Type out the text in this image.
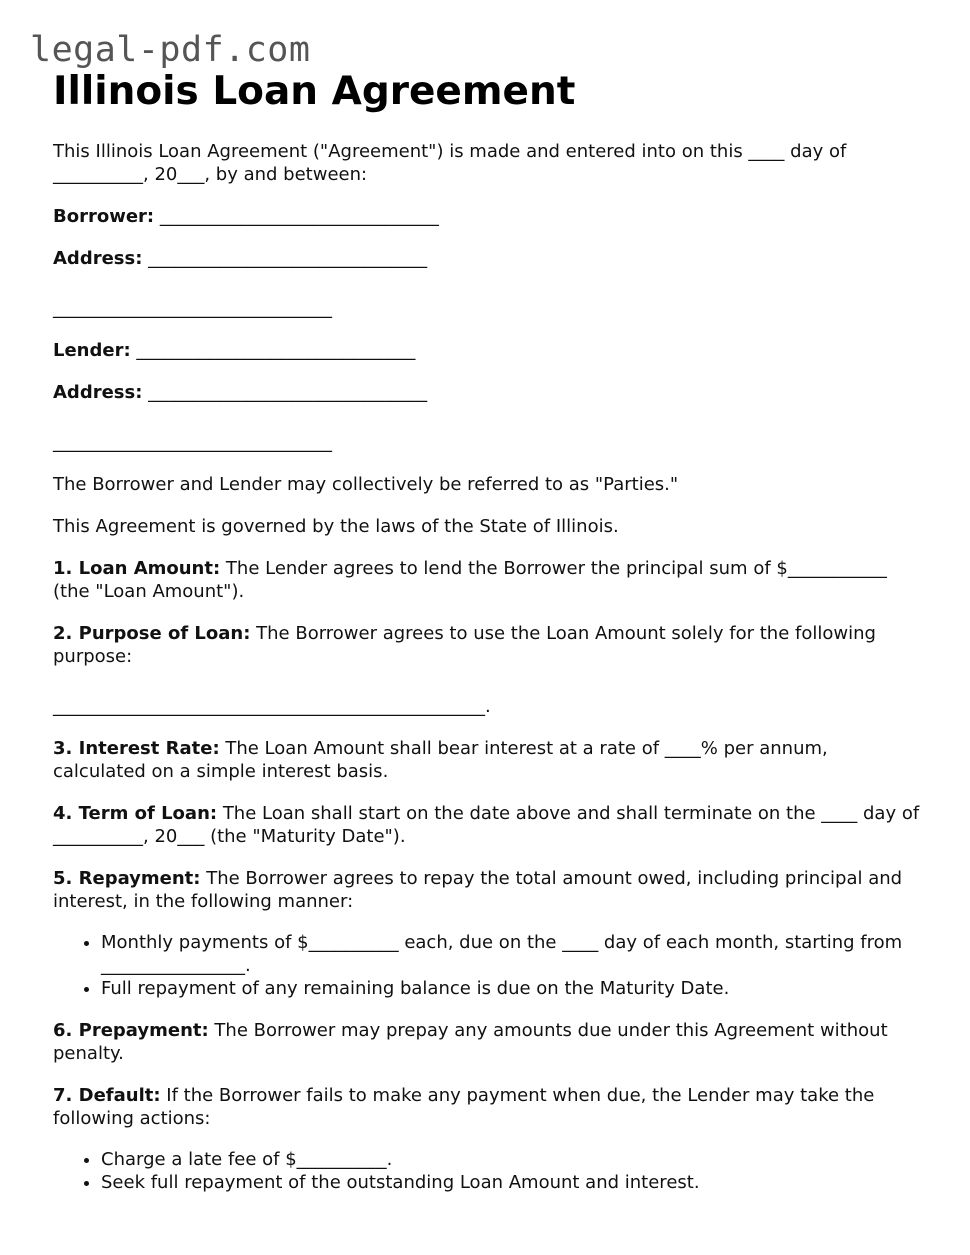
legal-pdf.com
Illinois Loan Agreement

This Illinois Loan Agreement ("Agreement") is made and entered into on this ____ day of __________, 20___, by and between:

Borrower: _______________________________

Address: _______________________________

_______________________________

Lender: _______________________________

Address: _______________________________

_______________________________

The Borrower and Lender may collectively be referred to as "Parties."

This Agreement is governed by the laws of the State of Illinois.

1. Loan Amount: The Lender agrees to lend the Borrower the principal sum of $___________ (the "Loan Amount").

2. Purpose of Loan: The Borrower agrees to use the Loan Amount solely for the following purpose:

________________________________________________.

3. Interest Rate: The Loan Amount shall bear interest at a rate of ____% per annum, calculated on a simple interest basis.

4. Term of Loan: The Loan shall start on the date above and shall terminate on the ____ day of __________, 20___ (the "Maturity Date").

5. Repayment: The Borrower agrees to repay the total amount owed, including principal and interest, in the following manner:

• Monthly payments of $__________ each, due on the ____ day of each month, starting from ________________.
• Full repayment of any remaining balance is due on the Maturity Date.

6. Prepayment: The Borrower may prepay any amounts due under this Agreement without penalty.

7. Default: If the Borrower fails to make any payment when due, the Lender may take the following actions:

• Charge a late fee of $__________.
• Seek full repayment of the outstanding Loan Amount and interest.
